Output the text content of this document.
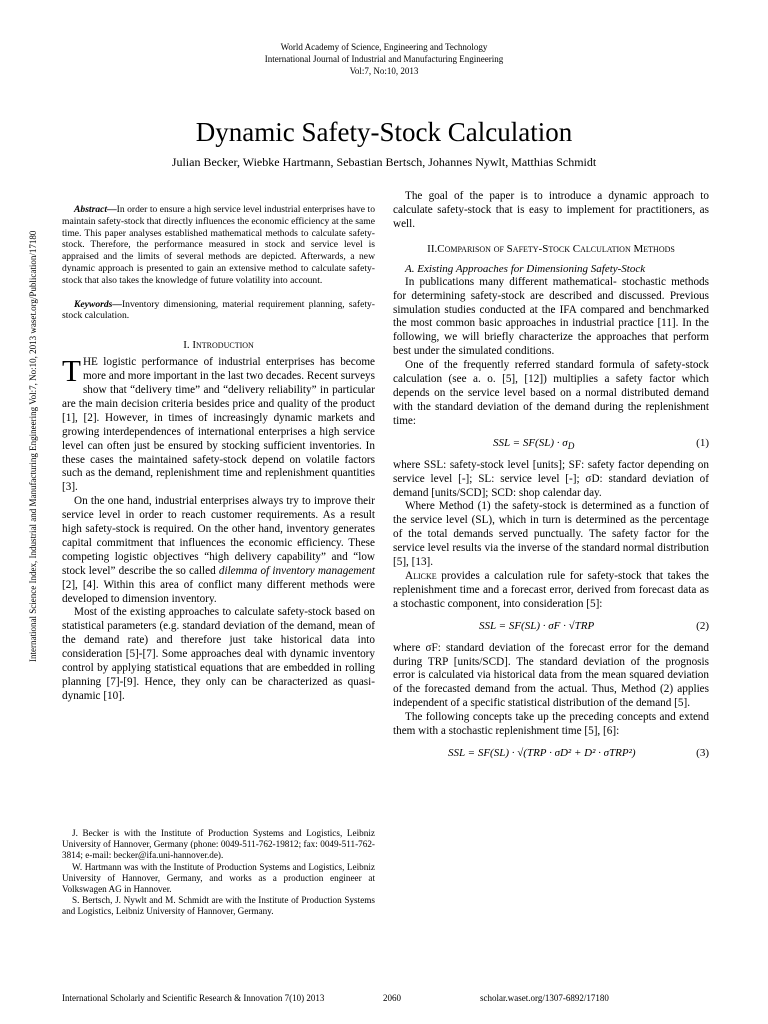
World Academy of Science, Engineering and Technology
International Journal of Industrial and Manufacturing Engineering
Vol:7, No:10, 2013
Dynamic Safety-Stock Calculation
Julian Becker, Wiebke Hartmann, Sebastian Bertsch, Johannes Nywlt, Matthias Schmidt
International Science Index, Industrial and Manufacturing Engineering Vol:7, No:10, 2013 waset.org/Publication/17180

Abstract—In order to ensure a high service level industrial enterprises have to maintain safety-stock that directly influences the economic efficiency at the same time. This paper analyses established mathematical methods to calculate safety-stock. Therefore, the performance measured in stock and service level is appraised and the limits of several methods are depicted. Afterwards, a new dynamic approach is presented to gain an extensive method to calculate safety-stock that also takes the knowledge of future volatility into account.

Keywords—Inventory dimensioning, material requirement planning, safety-stock calculation.

I. Introduction

THE logistic performance of industrial enterprises has become more and more important in the last two decades. Recent surveys show that “delivery time” and “delivery reliability” in particular are the main decision criteria besides price and quality of the product [1], [2]. However, in times of increasingly dynamic markets and growing interdependences of international enterprises a high service level can often just be ensured by stocking sufficient inventories. In these cases the maintained safety-stock depend on volatile factors such as the demand, replenishment time and replenishment quantities [3].

On the one hand, industrial enterprises always try to improve their service level in order to reach customer requirements. As a result high safety-stock is required. On the other hand, inventory generates capital commitment that influences the economic efficiency. These competing logistic objectives “high delivery capability” and “low stock level” describe the so called dilemma of inventory management [2], [4]. Within this area of conflict many different methods were developed to dimension inventory.

Most of the existing approaches to calculate safety-stock based on statistical parameters (e.g. standard deviation of the demand, mean of the demand rate) and therefore just take historical data into consideration [5]-[7]. Some approaches deal with dynamic inventory control by applying statistical equations that are embedded in rolling planning [7]-[9]. Hence, they only can be characterized as quasi-dynamic [10].

J. Becker is with the Institute of Production Systems and Logistics, Leibniz University of Hannover, Germany (phone: 0049-511-762-19812; fax: 0049-511-762- 3814; e-mail: becker@ifa.uni-hannover.de).

W. Hartmann was with the Institute of Production Systems and Logistics, Leibniz University of Hannover, Germany, and works as a production engineer at Volkswagen AG in Hannover.

S. Bertsch, J. Nywlt and M. Schmidt are with the Institute of Production Systems and Logistics, Leibniz University of Hannover, Germany.

The goal of the paper is to introduce a dynamic approach to calculate safety-stock that is easy to implement for practitioners, as well.

II.Comparison of Safety-Stock Calculation Methods

A. Existing Approaches for Dimensioning Safety-Stock

In publications many different mathematical- stochastic methods for determining safety-stock are described and discussed. Previous simulation studies conducted at the IFA compared and benchmarked the most common basic approaches in industrial practice [11]. In the following, we will briefly characterize the approaches that perform best under the simulated conditions.

One of the frequently referred standard formula of safety-stock calculation (see a. o. [5], [12]) multiplies a safety factor which depends on the service level based on a normal distributed demand with the standard deviation of the demand during the replenishment time:

SSL = $SF(SL) \cdot \sigma_D$	(1)

where SSL: safety-stock level [units]; SF: safety factor depending on service level [-]; SL: service level [-]; σD: standard deviation of demand [units/SCD]; SCD: shop calendar day.

Where Method (1) the safety-stock is determined as a function of the service level (SL), which in turn is determined as the percentage of the total demands served punctually. The safety factor for the service level results via the inverse of the standard normal distribution [5], [13].

Alicke provides a calculation rule for safety-stock that takes the replenishment time and a forecast error, derived from forecast data as a stochastic component, into consideration [5]:

SSL = SF(SL) · σF · √TRP	(2)

where σF: standard deviation of the forecast error for the demand during TRP [units/SCD]. The standard deviation of the prognosis error is calculated via historical data from the mean squared deviation of the forecasted demand from the actual. Thus, Method (2) applies independent of a specific statistical distribution of the demand [5].

The following concepts take up the preceding concepts and extend them with a stochastic replenishment time [5], [6]:

SSL = SF(SL) · √(TRP · σD² + D² · σTRP²)	(3)
International Scholarly and Scientific Research & Innovation 7(10) 2013	2060	scholar.waset.org/1307-6892/17180
